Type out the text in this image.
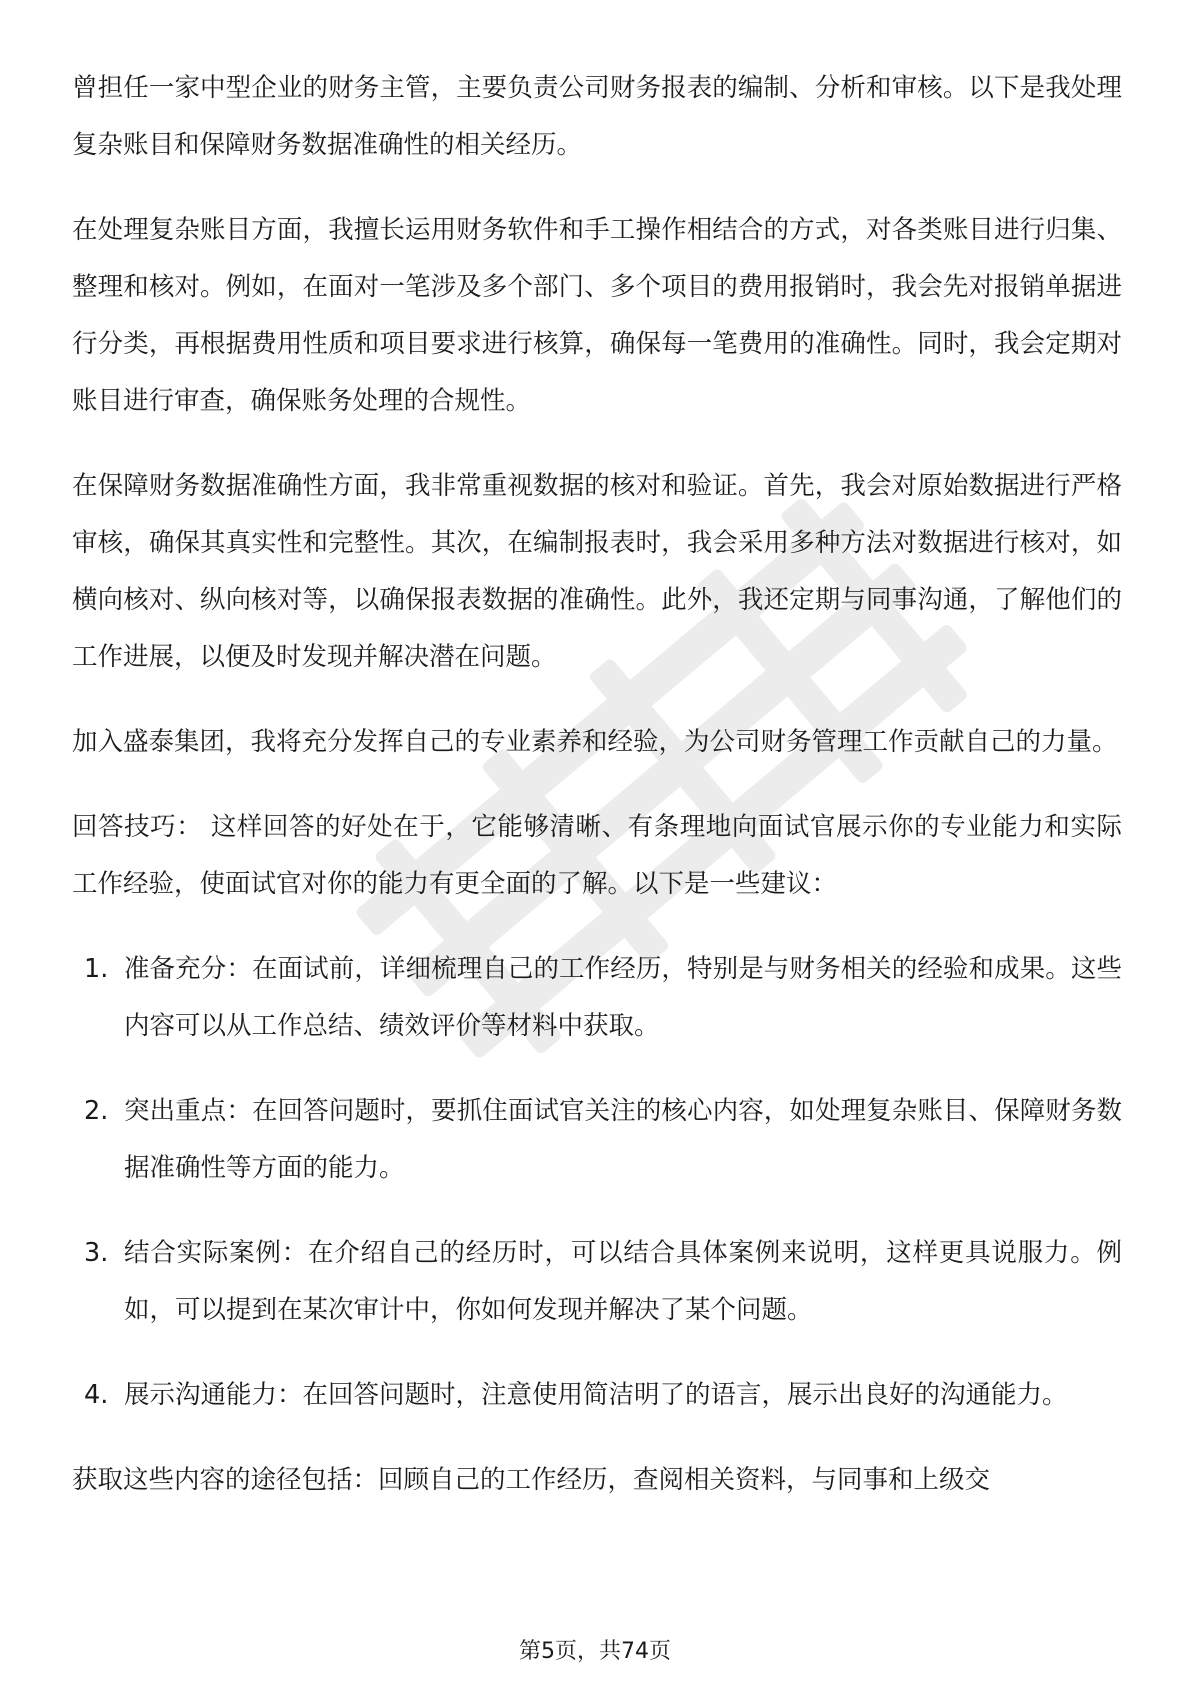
曾担任一家中型企业的财务主管，主要负责公司财务报表的编制、分析和审核。以下是我处理复杂账目和保障财务数据准确性的相关经历。

在处理复杂账目方面，我擅长运用财务软件和手工操作相结合的方式，对各类账目进行归集、整理和核对。例如，在面对一笔涉及多个部门、多个项目的费用报销时，我会先对报销单据进行分类，再根据费用性质和项目要求进行核算，确保每一笔费用的准确性。同时，我会定期对账目进行审查，确保账务处理的合规性。

在保障财务数据准确性方面，我非常重视数据的核对和验证。首先，我会对原始数据进行严格审核，确保其真实性和完整性。其次，在编制报表时，我会采用多种方法对数据进行核对，如横向核对、纵向核对等，以确保报表数据的准确性。此外，我还定期与同事沟通，了解他们的工作进展，以便及时发现并解决潜在问题。

加入盛泰集团，我将充分发挥自己的专业素养和经验，为公司财务管理工作贡献自己的力量。

回答技巧： 这样回答的好处在于，它能够清晰、有条理地向面试官展示你的专业能力和实际工作经验，使面试官对你的能力有更全面的了解。以下是一些建议：

1. 准备充分：在面试前，详细梳理自己的工作经历，特别是与财务相关的经验和成果。这些内容可以从工作总结、绩效评价等材料中获取。
2. 突出重点：在回答问题时，要抓住面试官关注的核心内容，如处理复杂账目、保障财务数据准确性等方面的能力。
3. 结合实际案例：在介绍自己的经历时，可以结合具体案例来说明，这样更具说服力。例如，可以提到在某次审计中，你如何发现并解决了某个问题。
4. 展示沟通能力：在回答问题时，注意使用简洁明了的语言，展示出良好的沟通能力。

获取这些内容的途径包括：回顾自己的工作经历，查阅相关资料，与同事和上级交

第5页，共74页
